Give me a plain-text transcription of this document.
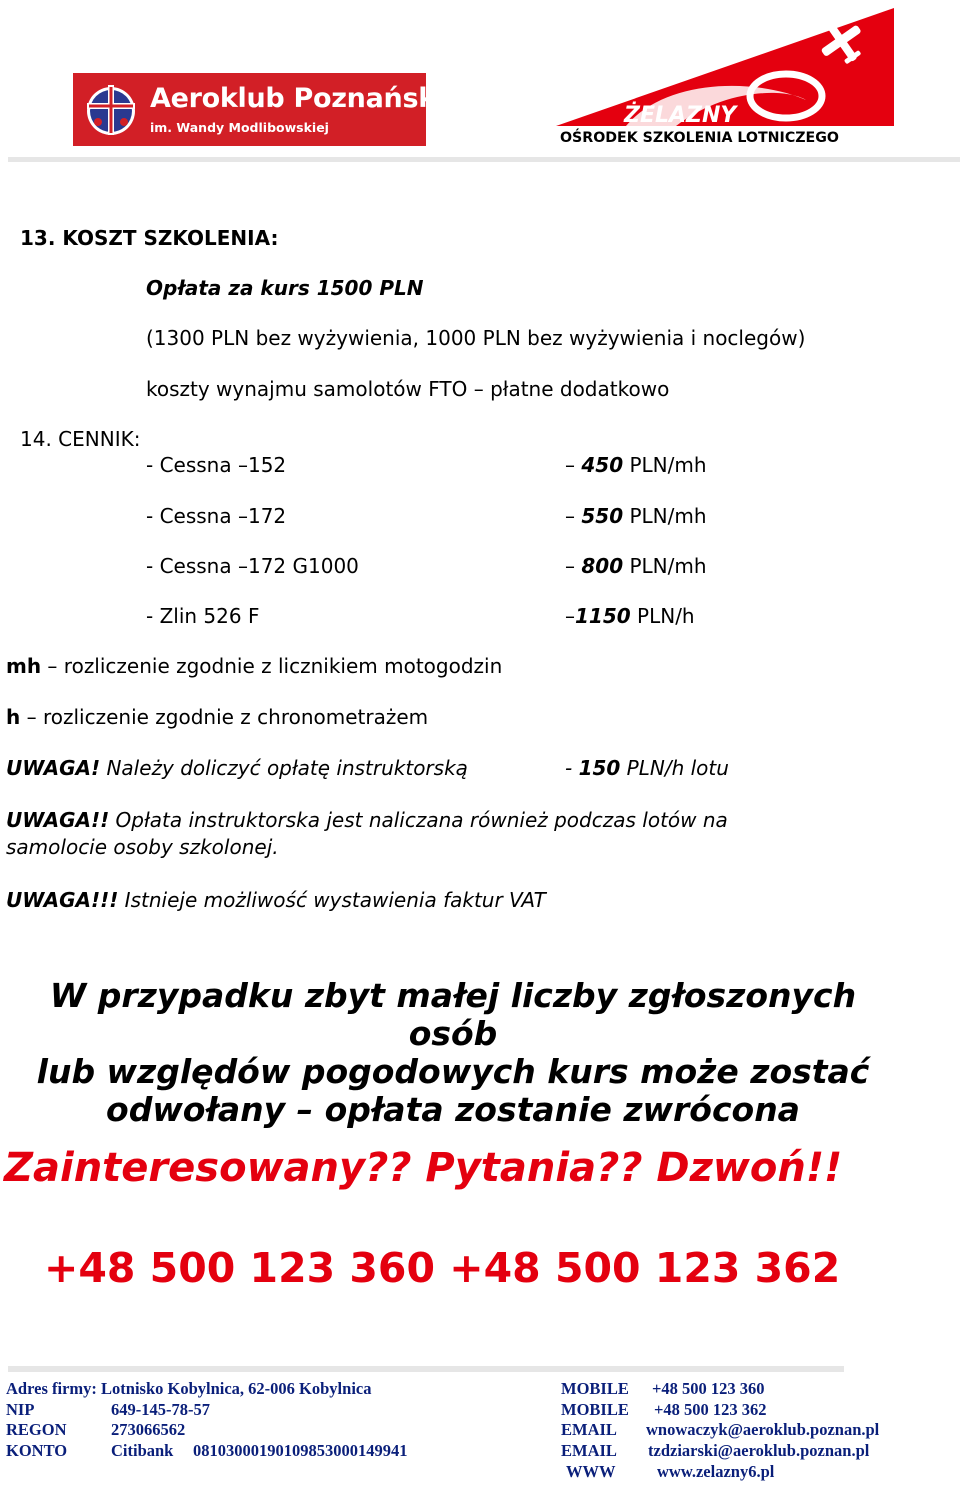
Aeroklub Poznański
im. Wandy Modlibowskiej	ŻELAZNY
OŚRODEK SZKOLENIA LOTNICZEGO
13. KOSZT SZKOLENIA:
Opłata za kurs 1500 PLN
(1300 PLN bez wyżywienia, 1000 PLN bez wyżywienia i noclegów)
koszty wynajmu samolotów FTO – płatne dodatkowo
14. CENNIK:
- Cessna –152	– 450 PLN/mh
- Cessna –172	– 550 PLN/mh
- Cessna –172 G1000	– 800 PLN/mh
- Zlin 526 F	–1150 PLN/h
mh – rozliczenie zgodnie z licznikiem motogodzin
h – rozliczenie zgodnie z chronometrażem
UWAGA! Należy doliczyć opłatę instruktorską	- 150 PLN/h lotu
UWAGA!! Opłata instruktorska jest naliczana również podczas lotów na
samolocie osoby szkolonej.
UWAGA!!! Istnieje możliwość wystawienia faktur VAT
W przypadku zbyt małej liczby zgłoszonych osób
lub względów pogodowych kurs może zostać
odwołany – opłata zostanie zwrócona
Zainteresowany?? Pytania?? Dzwoń!!
+48 500 123 360 +48 500 123 362
Adres firmy: Lotnisko Kobylnica, 62-006 Kobylnica
NIP	649-145-78-57
REGON	273066562
KONTO	Citibank 08103000190109853000149941
MOBILE +48 500 123 360
MOBILE +48 500 123 362
EMAIL wnowaczyk@aeroklub.poznan.pl
EMAIL tzdziarski@aeroklub.poznan.pl
WWW	www.zelazny6.pl
